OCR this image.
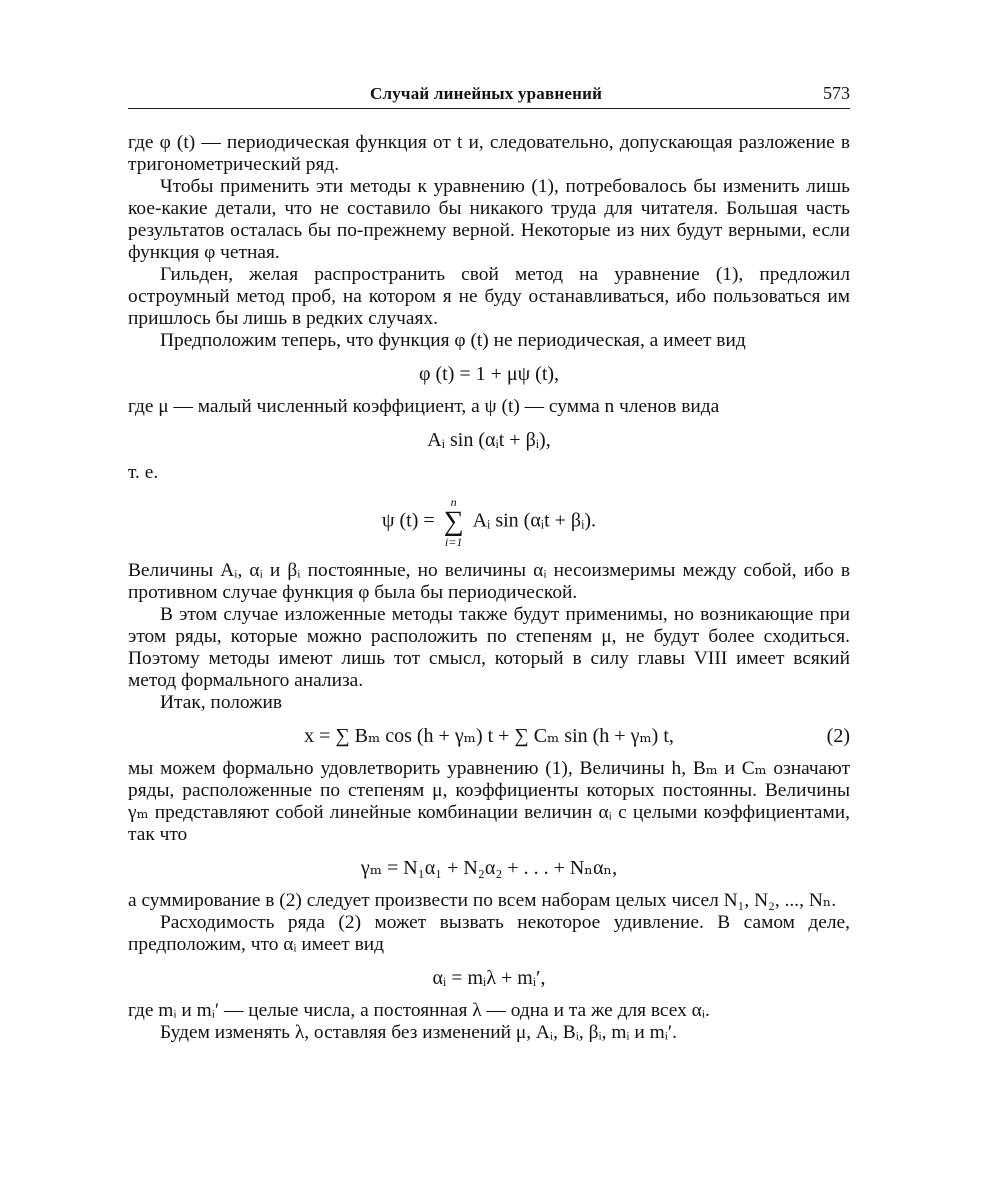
Случай линейных уравнений	573

где φ (t) — периодическая функция от t и, следовательно, допускающая разложение в тригонометрический ряд.

Чтобы применить эти методы к уравнению (1), потребовалось бы изменить лишь кое-какие детали, что не составило бы никакого труда для читателя. Большая часть результатов осталась бы по-прежнему верной. Некоторые из них будут верными, если функция φ четная.

Гильден, желая распространить свой метод на уравнение (1), предложил остроумный метод проб, на котором я не буду останавливаться, ибо пользоваться им пришлось бы лишь в редких случаях.

Предположим теперь, что функция φ (t) не периодическая, а имеет вид

φ (t) = 1 + μψ (t),

где μ — малый численный коэффициент, а ψ (t) — сумма n членов вида

Aᵢ sin (αᵢt + βᵢ),

т. е.

ψ (t) =
n
∑
i=1
Aᵢ sin (αᵢt + βᵢ).

Величины Aᵢ, αᵢ и βᵢ постоянные, но величины αᵢ несоизмеримы между собой, ибо в противном случае функция φ была бы периодической.

В этом случае изложенные методы также будут применимы, но возникающие при этом ряды, которые можно расположить по степеням μ, не будут более сходиться. Поэтому методы имеют лишь тот смысл, который в силу главы VIII имеет всякий метод формального анализа.

Итак, положив

x = ∑ Bₘ cos (h + γₘ) t + ∑ Cₘ sin (h + γₘ) t,	(2)

мы можем формально удовлетворить уравнению (1), Величины h, Bₘ и Cₘ означают ряды, расположенные по степеням μ, коэффициенты которых постоянны. Величины γₘ представляют собой линейные комбинации величин αᵢ с целыми коэффициентами, так что

γₘ = N₁α₁ + N₂α₂ + . . . + Nₙαₙ,

а суммирование в (2) следует произвести по всем наборам целых чисел N₁, N₂, ..., Nₙ.

Расходимость ряда (2) может вызвать некоторое удивление. В самом деле, предположим, что αᵢ имеет вид

αᵢ = mᵢλ + mᵢ′,

где mᵢ и mᵢ′ — целые числа, а постоянная λ — одна и та же для всех αᵢ.

Будем изменять λ, оставляя без изменений μ, Aᵢ, Bᵢ, βᵢ, mᵢ и mᵢ′.
